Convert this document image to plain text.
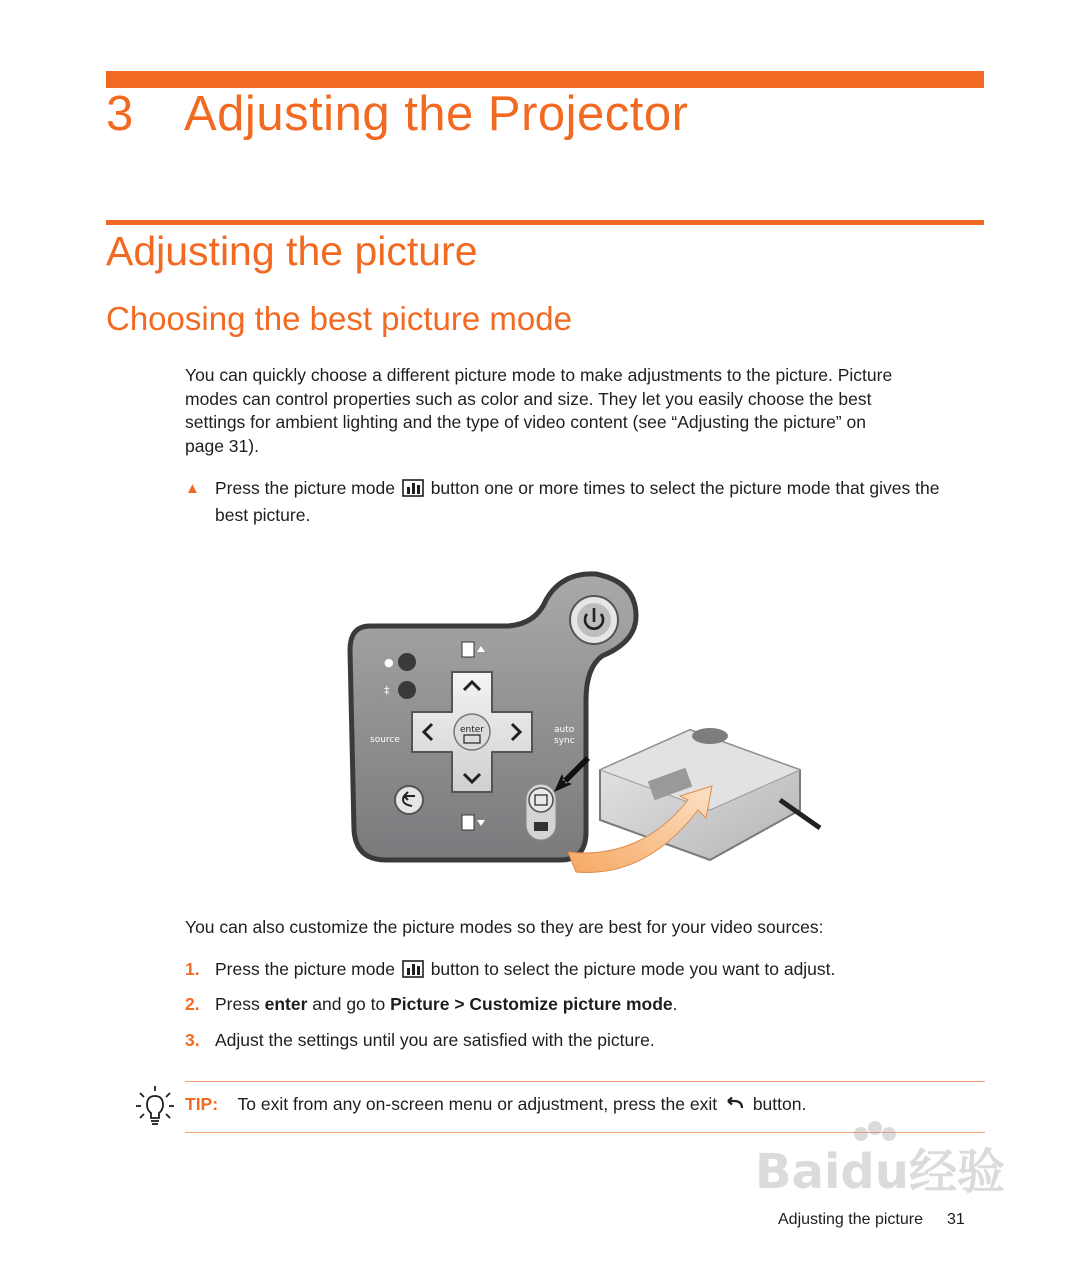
3 Adjusting the Projector
Adjusting the picture
Choosing the best picture mode
You can quickly choose a different picture mode to make adjustments to the picture. Picture
modes can control properties such as color and size. They let you easily choose the best
settings for ambient lighting and the type of video content (see “Adjusting the picture” on
page 31).
▲ Press the picture mode button one or more times to select the picture mode that gives the
best picture.
●
‡
enter
source
auto
sync
You can also customize the picture modes so they are best for your video sources:
1. Press the picture mode button to select the picture mode you want to adjust.
2. Press enter and go to Picture > Customize picture mode.
3. Adjust the settings until you are satisfied with the picture.
TIP: To exit from any on-screen menu or adjustment, press the exit button.
Bai​du经验
Adjusting the picture 31
